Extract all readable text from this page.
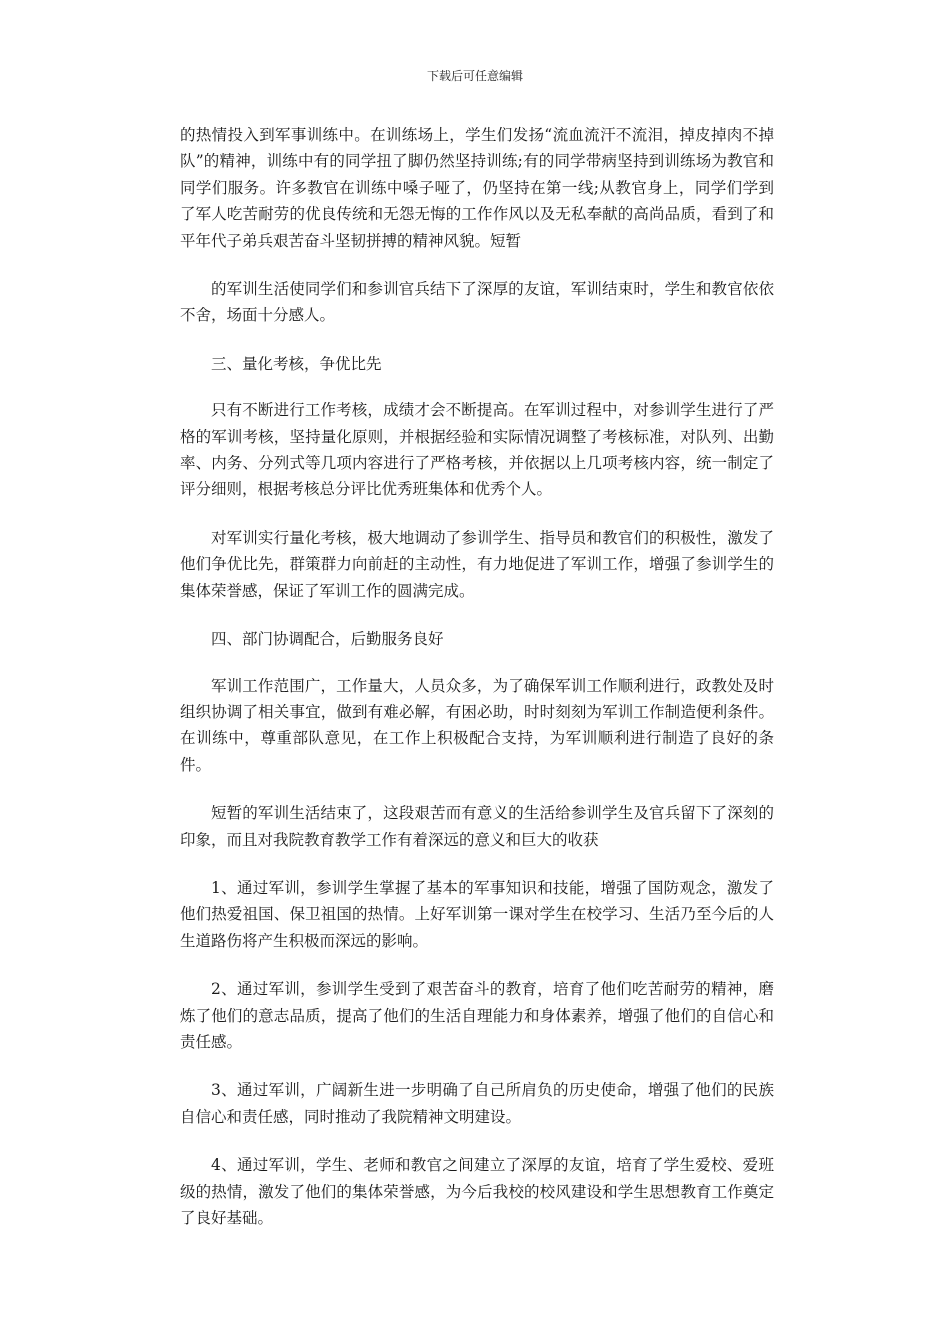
下载后可任意编辑

的热情投入到军事训练中。在训练场上，学生们发扬“流血流汗不流泪，掉皮掉肉不掉队”的精神，训练中有的同学扭了脚仍然坚持训练;有的同学带病坚持到训练场为教官和同学们服务。许多教官在训练中嗓子哑了，仍坚持在第一线;从教官身上，同学们学到了军人吃苦耐劳的优良传统和无怨无悔的工作作风以及无私奉献的高尚品质，看到了和平年代子弟兵艰苦奋斗坚韧拼搏的精神风貌。短暂

的军训生活使同学们和参训官兵结下了深厚的友谊，军训结束时，学生和教官依依不舍，场面十分感人。

三、量化考核，争优比先

只有不断进行工作考核，成绩才会不断提高。在军训过程中，对参训学生进行了严格的军训考核，坚持量化原则，并根据经验和实际情况调整了考核标准，对队列、出勤率、内务、分列式等几项内容进行了严格考核，并依据以上几项考核内容，统一制定了评分细则，根据考核总分评比优秀班集体和优秀个人。

对军训实行量化考核，极大地调动了参训学生、指导员和教官们的积极性，激发了他们争优比先，群策群力向前赶的主动性，有力地促进了军训工作，增强了参训学生的集体荣誉感，保证了军训工作的圆满完成。

四、部门协调配合，后勤服务良好

军训工作范围广，工作量大，人员众多，为了确保军训工作顺利进行，政教处及时组织协调了相关事宜，做到有难必解，有困必助，时时刻刻为军训工作制造便利条件。在训练中，尊重部队意见，在工作上积极配合支持，为军训顺利进行制造了良好的条件。

短暂的军训生活结束了，这段艰苦而有意义的生活给参训学生及官兵留下了深刻的印象，而且对我院教育教学工作有着深远的意义和巨大的收获

1、通过军训，参训学生掌握了基本的军事知识和技能，增强了国防观念，激发了他们热爱祖国、保卫祖国的热情。上好军训第一课对学生在校学习、生活乃至今后的人生道路伤将产生积极而深远的影响。

2、通过军训，参训学生受到了艰苦奋斗的教育，培育了他们吃苦耐劳的精神，磨炼了他们的意志品质，提高了他们的生活自理能力和身体素养，增强了他们的自信心和责任感。

3、通过军训，广阔新生进一步明确了自己所肩负的历史使命，增强了他们的民族自信心和责任感，同时推动了我院精神文明建设。

4、通过军训，学生、老师和教官之间建立了深厚的友谊，培育了学生爱校、爱班级的热情，激发了他们的集体荣誉感，为今后我校的校风建设和学生思想教育工作奠定了良好基础。
